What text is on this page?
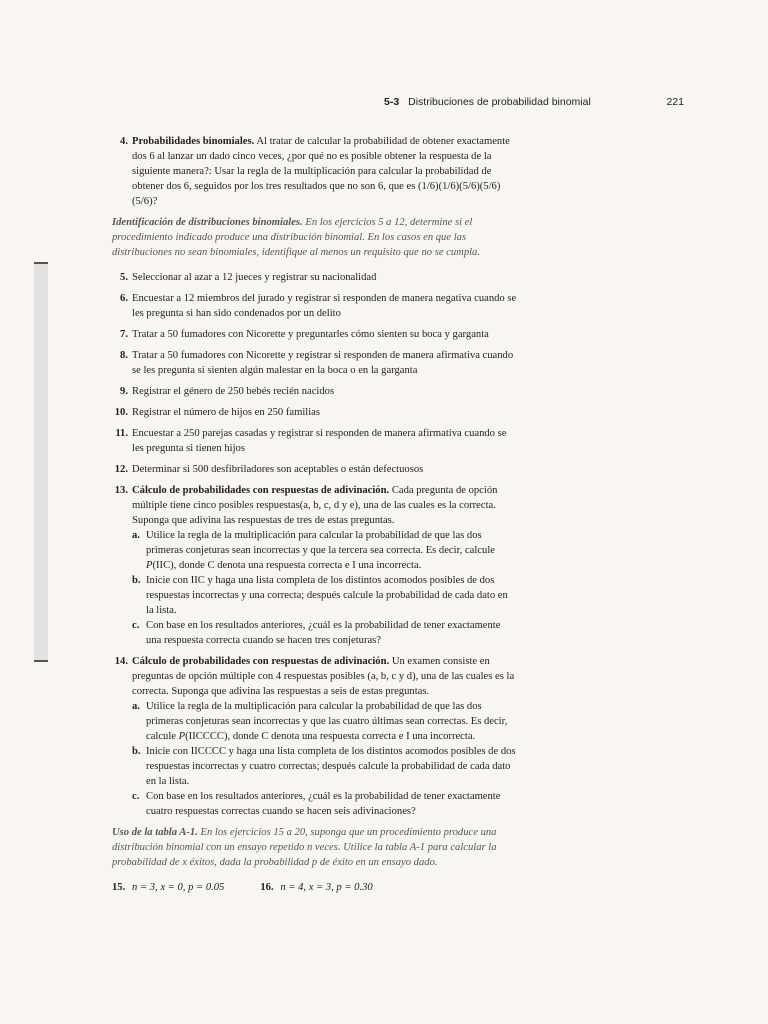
5-3 Distribuciones de probabilidad binomial	221
4. Probabilidades binomiales. Al tratar de calcular la probabilidad de obtener exactamente dos 6 al lanzar un dado cinco veces, ¿por qué no es posible obtener la respuesta de la siguiente manera?: Usar la regla de la multiplicación para calcular la probabilidad de obtener dos 6, seguidos por los tres resultados que no son 6, que es (1/6)(1/6)(5/6)(5/6)(5/6)?
Identificación de distribuciones binomiales. En los ejercicios 5 a 12, determine si el procedimiento indicado produce una distribución binomial. En los casos en que las distribuciones no sean binomiales, identifique al menos un requisito que no se cumpla.
5. Seleccionar al azar a 12 jueces y registrar su nacionalidad
6. Encuestar a 12 miembros del jurado y registrar si responden de manera negativa cuando se les pregunta si han sido condenados por un delito
7. Tratar a 50 fumadores con Nicorette y preguntarles cómo sienten su boca y garganta
8. Tratar a 50 fumadores con Nicorette y registrar si responden de manera afirmativa cuando se les pregunta si sienten algún malestar en la boca o en la garganta
9. Registrar el género de 250 bebés recién nacidos
10. Registrar el número de hijos en 250 familias
11. Encuestar a 250 parejas casadas y registrar si responden de manera afirmativa cuando se les pregunta si tienen hijos
12. Determinar si 500 desfibriladores son aceptables o están defectuosos
13. Cálculo de probabilidades con respuestas de adivinación. Cada pregunta de opción múltiple tiene cinco posibles respuestas(a, b, c, d y e), una de las cuales es la correcta. Suponga que adivina las respuestas de tres de estas preguntas.
a. Utilice la regla de la multiplicación para calcular la probabilidad de que las dos primeras conjeturas sean incorrectas y que la tercera sea correcta. Es decir, calcule
P(IIC), donde C denota una respuesta correcta e I una incorrecta.
b. Inicie con IIC y haga una lista completa de los distintos acomodos posibles de dos respuestas incorrectas y una correcta; después calcule la probabilidad de cada dato en la lista.
c. Con base en los resultados anteriores, ¿cuál es la probabilidad de tener exactamente una respuesta correcta cuando se hacen tres conjeturas?
14. Cálculo de probabilidades con respuestas de adivinación. Un examen consiste en preguntas de opción múltiple con 4 respuestas posibles (a, b, c y d), una de las cuales es la correcta. Suponga que adivina las respuestas a seis de estas preguntas.
a. Utilice la regla de la multiplicación para calcular la probabilidad de que las dos primeras conjeturas sean incorrectas y que las cuatro últimas sean correctas. Es decir, calcule P(IICCCC), donde C denota una respuesta correcta e I una incorrecta.
b. Inicie con IICCCC y haga una lista completa de los distintos acomodos posibles de dos respuestas incorrectas y cuatro correctas; después calcule la probabilidad de cada dato en la lista.
c. Con base en los resultados anteriores, ¿cuál es la probabilidad de tener exactamente cuatro respuestas correctas cuando se hacen seis adivinaciones?
Uso de la tabla A-1. En los ejercicios 15 a 20, suponga que un procedimiento produce una distribución binomial con un ensayo repetido n veces. Utilice la tabla A-1 para calcular la probabilidad de x éxitos, dada la probabilidad p de éxito en un ensayo dado.
15. n = 3, x = 0, p = 0.05	16. n = 4, x = 3, p = 0.30
